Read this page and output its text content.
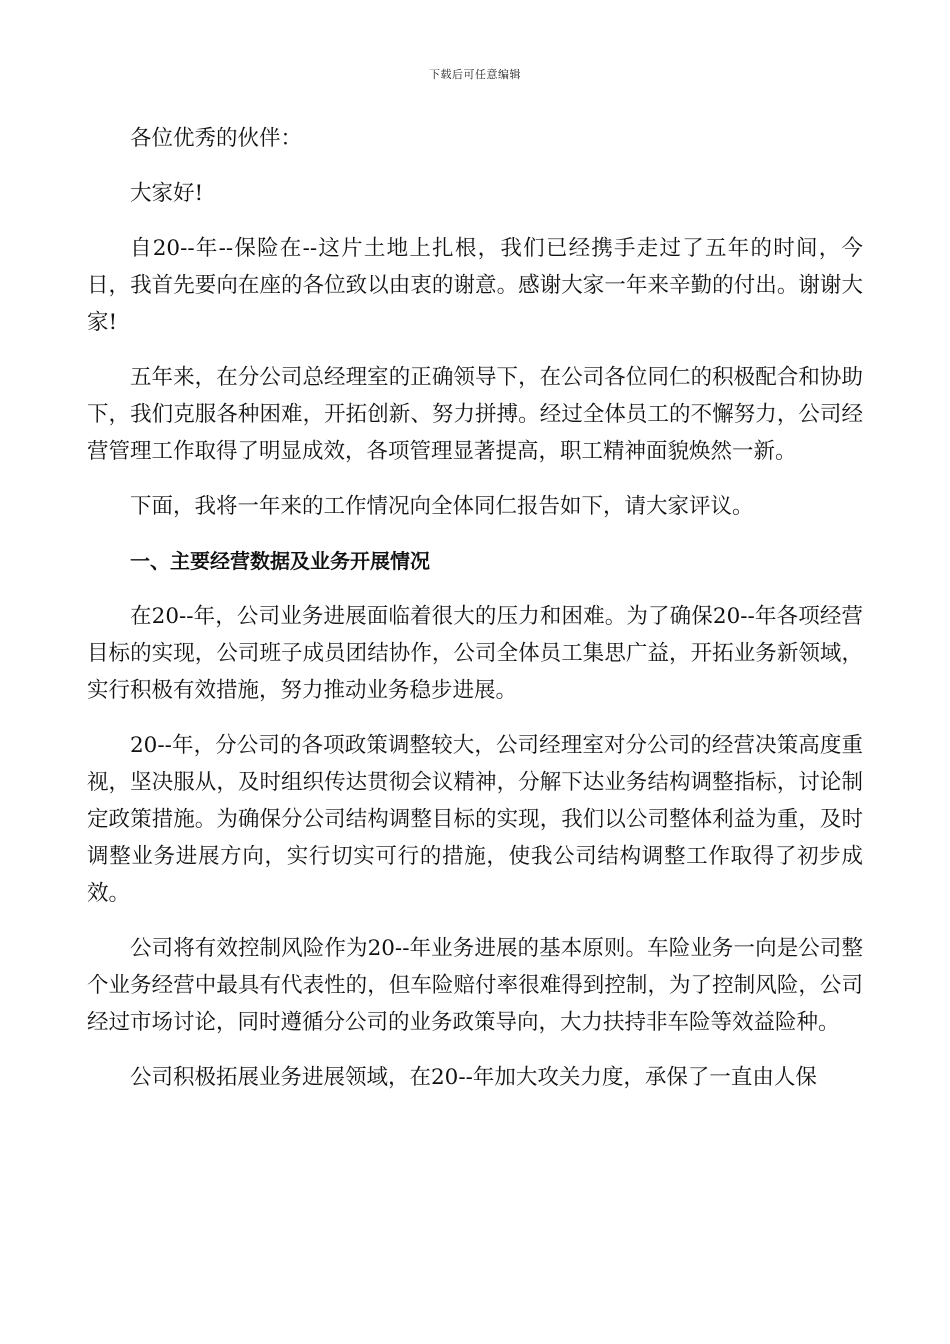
下载后可任意编辑

各位优秀的伙伴：

大家好!

自20--年--保险在--这片土地上扎根，我们已经携手走过了五年的时间，今日，我首先要向在座的各位致以由衷的谢意。感谢大家一年来辛勤的付出。谢谢大家!

五年来，在分公司总经理室的正确领导下，在公司各位同仁的积极配合和协助下，我们克服各种困难，开拓创新、努力拼搏。经过全体员工的不懈努力，公司经营管理工作取得了明显成效，各项管理显著提高，职工精神面貌焕然一新。

下面，我将一年来的工作情况向全体同仁报告如下，请大家评议。

一、主要经营数据及业务开展情况

在20--年，公司业务进展面临着很大的压力和困难。为了确保20--年各项经营目标的实现，公司班子成员团结协作，公司全体员工集思广益，开拓业务新领域，实行积极有效措施，努力推动业务稳步进展。

20--年，分公司的各项政策调整较大，公司经理室对分公司的经营决策高度重视，坚决服从，及时组织传达贯彻会议精神，分解下达业务结构调整指标，讨论制定政策措施。为确保分公司结构调整目标的实现，我们以公司整体利益为重，及时调整业务进展方向，实行切实可行的措施，使我公司结构调整工作取得了初步成效。

公司将有效控制风险作为20--年业务进展的基本原则。车险业务一向是公司整个业务经营中最具有代表性的，但车险赔付率很难得到控制，为了控制风险，公司经过市场讨论，同时遵循分公司的业务政策导向，大力扶持非车险等效益险种。

公司积极拓展业务进展领域，在20--年加大攻关力度，承保了一直由人保
